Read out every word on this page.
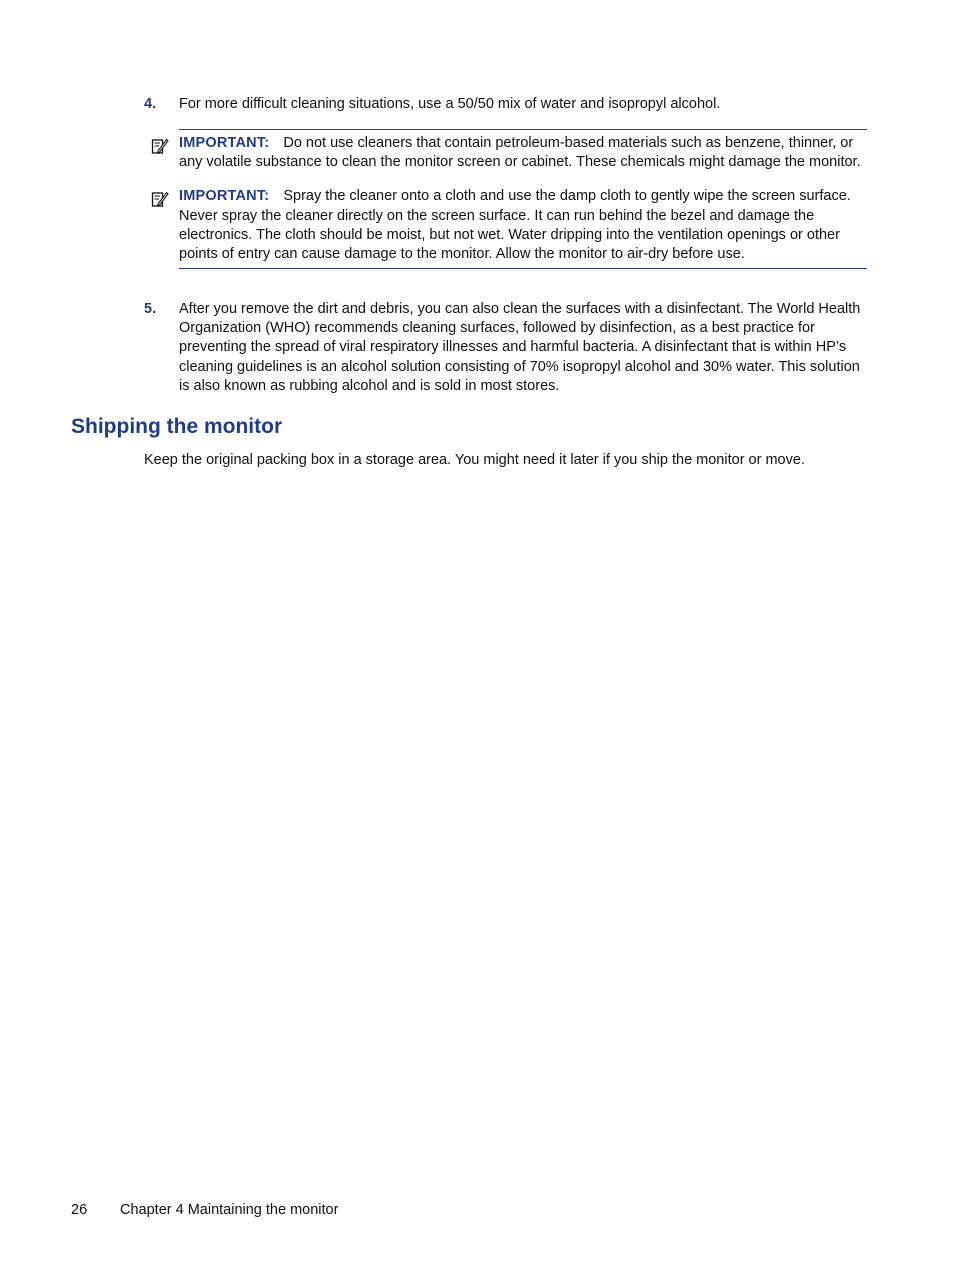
4. For more difficult cleaning situations, use a 50/50 mix of water and isopropyl alcohol.
IMPORTANT: Do not use cleaners that contain petroleum-based materials such as benzene, thinner, or any volatile substance to clean the monitor screen or cabinet. These chemicals might damage the monitor.
IMPORTANT: Spray the cleaner onto a cloth and use the damp cloth to gently wipe the screen surface. Never spray the cleaner directly on the screen surface. It can run behind the bezel and damage the electronics. The cloth should be moist, but not wet. Water dripping into the ventilation openings or other points of entry can cause damage to the monitor. Allow the monitor to air-dry before use.
5. After you remove the dirt and debris, you can also clean the surfaces with a disinfectant. The World Health Organization (WHO) recommends cleaning surfaces, followed by disinfection, as a best practice for preventing the spread of viral respiratory illnesses and harmful bacteria. A disinfectant that is within HP’s cleaning guidelines is an alcohol solution consisting of 70% isopropyl alcohol and 30% water. This solution is also known as rubbing alcohol and is sold in most stores.
Shipping the monitor

Keep the original packing box in a storage area. You might need it later if you ship the monitor or move.

26 Chapter 4 Maintaining the monitor
